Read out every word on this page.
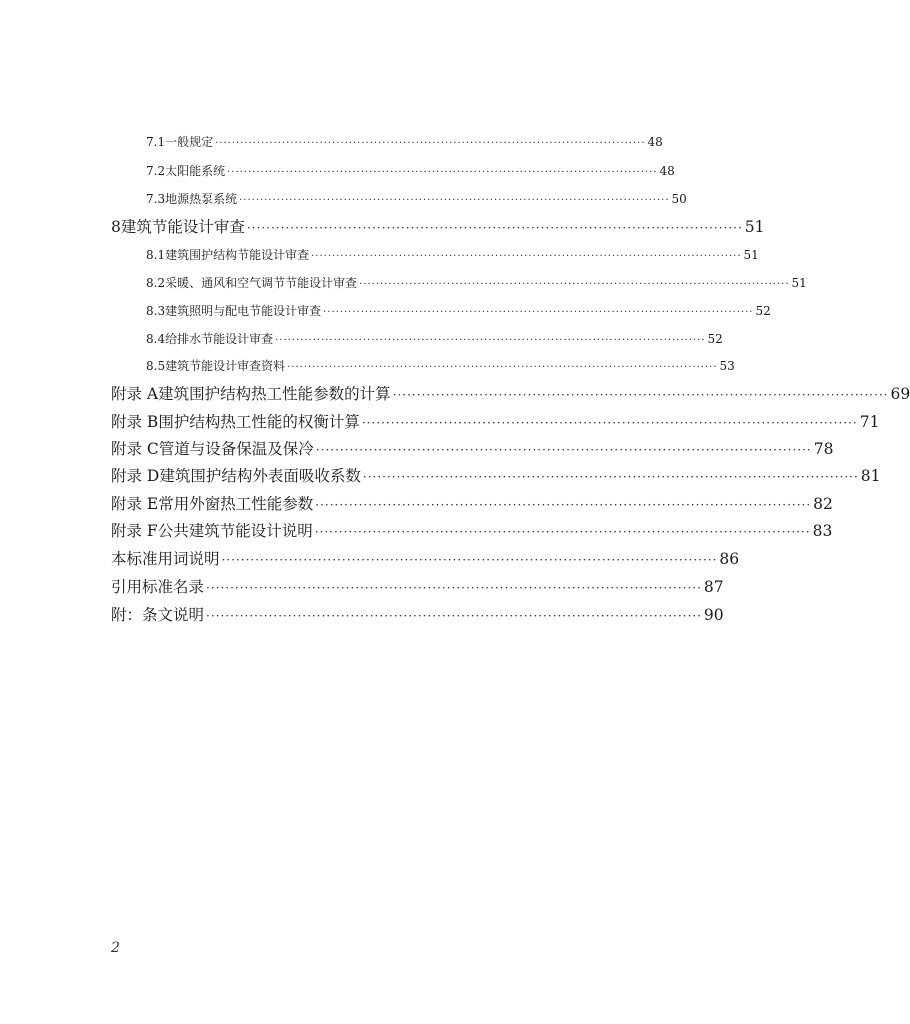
7.1 一般规定 ······································································································· 48
7.2 太阳能系统 ······································································································· 48
7.3 地源热泵系统 ······································································································· 50
8 建筑节能设计审查 ······································································································· 51
8.1 建筑围护结构节能设计审查 ······································································································· 51
8.2 采暖、通风和空气调节节能设计审查 ······································································································· 51
8.3 建筑照明与配电节能设计审查 ······································································································· 52
8.4 给排水节能设计审查 ······································································································· 52
8.5 建筑节能设计审查资料 ······································································································· 53
附录 A 建筑围护结构热工性能参数的计算 ······································································································· 69
附录 B 围护结构热工性能的权衡计算 ······································································································· 71
附录 C 管道与设备保温及保冷 ······································································································· 78
附录 D 建筑围护结构外表面吸收系数 ······································································································· 81
附录 E 常用外窗热工性能参数 ······································································································· 82
附录 F 公共建筑节能设计说明 ······································································································· 83
本标准用词说明 ······································································································· 86
引用标准名录 ······································································································· 87
附：条文说明 ······································································································· 90
2
